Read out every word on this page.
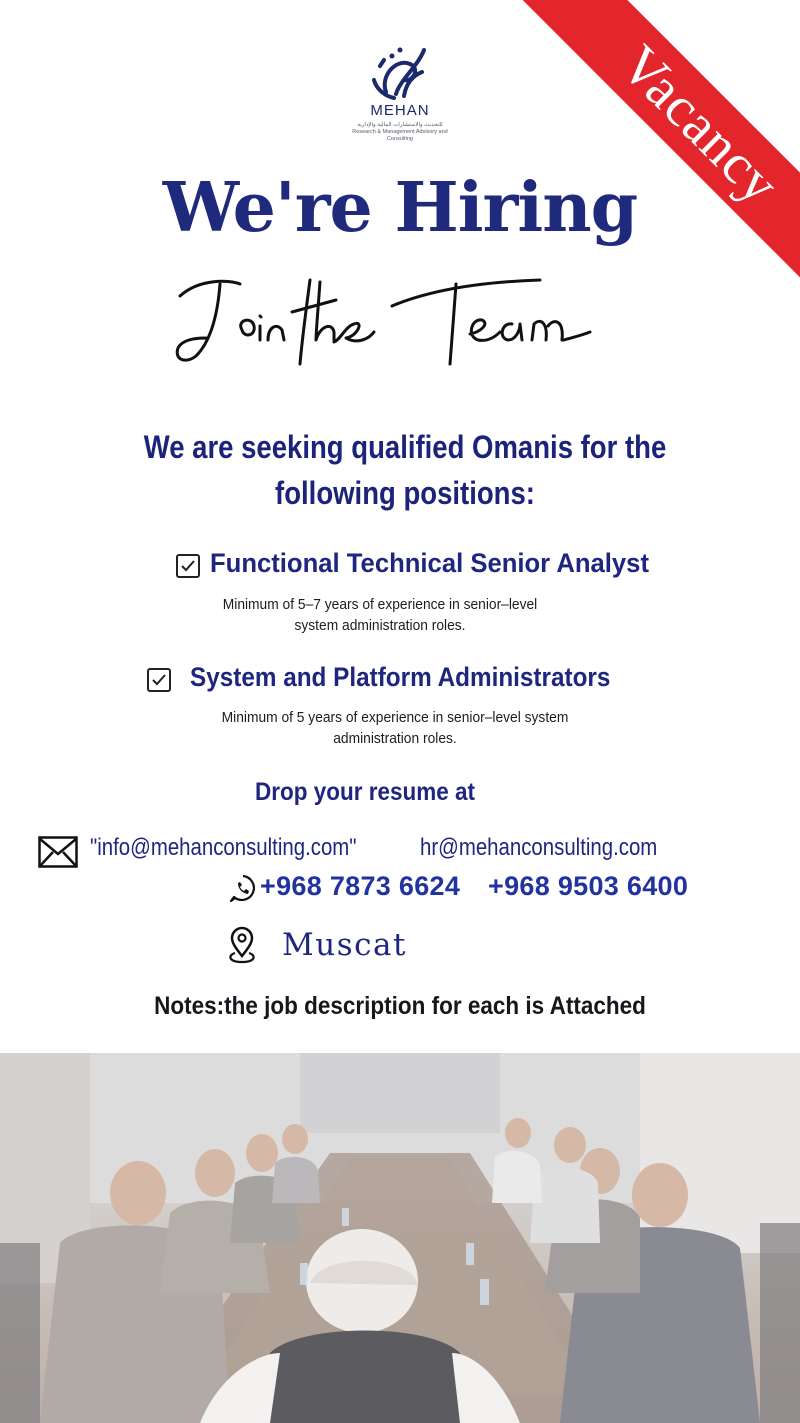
Vacancy
MEHAN
للتحديث والاستشارات المالية والإدارية
Research & Management Advisory and Consulting
We're Hiring
We are seeking qualified Omanis for the following positions:
Functional Technical Senior Analyst
Minimum of 5–7 years of experience in senior–level
system administration roles.
System and Platform Administrators
Minimum of 5 years of experience in senior–level system
administration roles.
Drop your resume at
"info@mehanconsulting.com"	hr@mehanconsulting.com
+968 7873 6624 +968 9503 6400
Muscat
Notes:the job description for each is Attached
